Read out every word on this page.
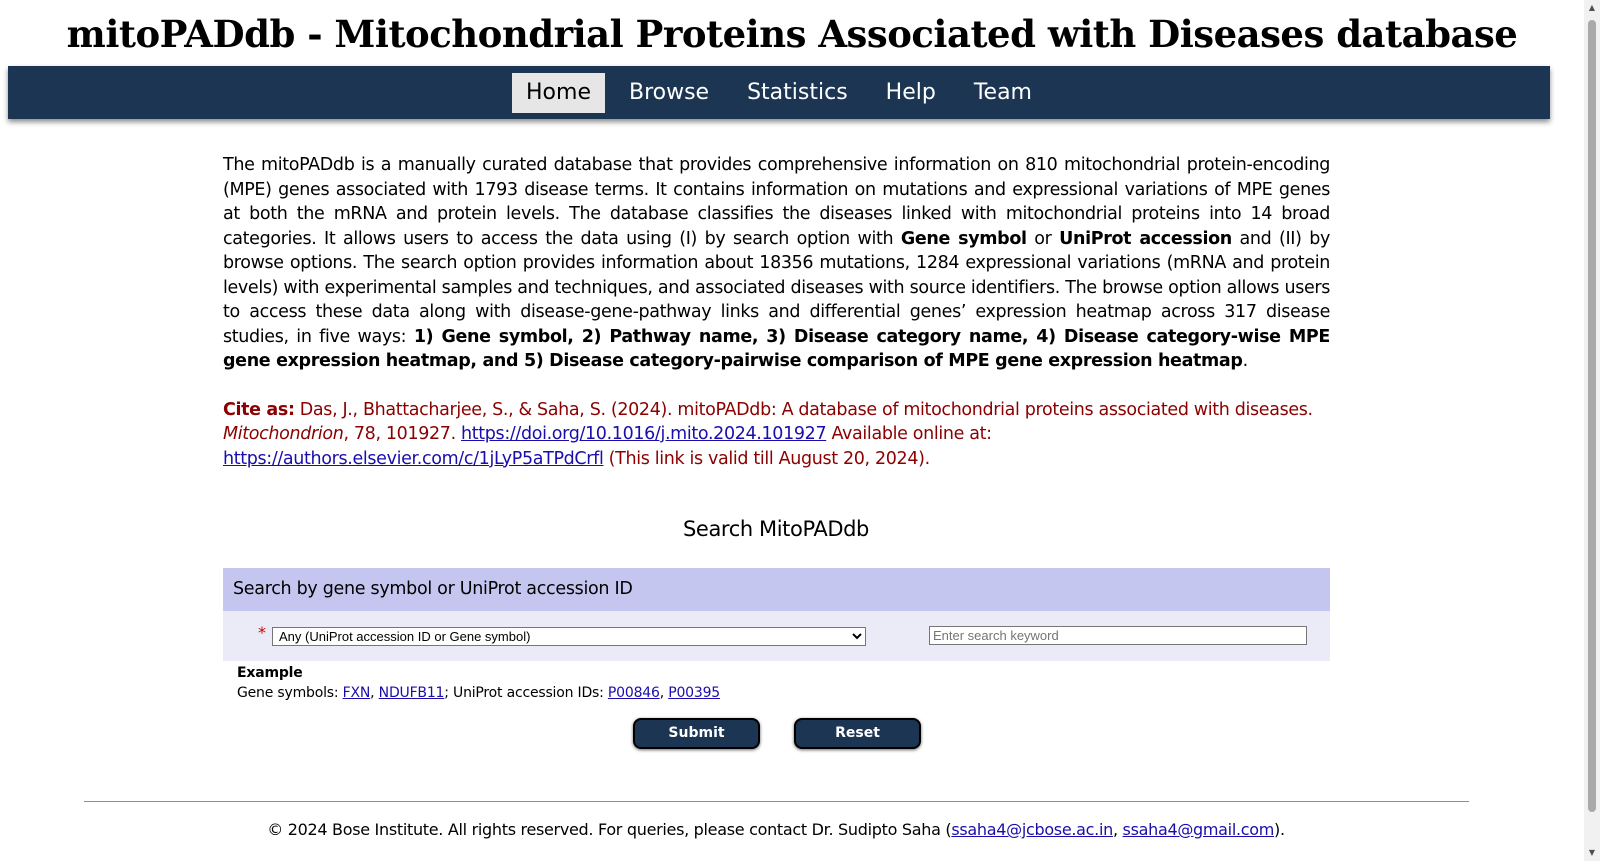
mitoPADdb - Mitochondrial Proteins Associated with Diseases database
Home	Browse	Statistics	Help	Team

The mitoPADdb is a manually curated database that provides comprehensive information on 810 mitochondrial protein-encoding (MPE) genes associated with 1793 disease terms. It contains information on mutations and expressional variations of MPE genes at both the mRNA and protein levels. The database classifies the diseases linked with mitochondrial proteins into 14 broad categories. It allows users to access the data using (I) by search option with Gene symbol or UniProt accession and (II) by browse options. The search option provides information about 18356 mutations, 1284 expressional variations (mRNA and protein levels) with experimental samples and techniques, and associated diseases with source identifiers. The browse option allows users to access these data along with disease-gene-pathway links and differential genes’ expression heatmap across 317 disease studies, in five ways: 1) Gene symbol, 2) Pathway name, 3) Disease category name, 4) Disease category-wise MPE gene expression heatmap, and 5) Disease category-pairwise comparison of MPE gene expression heatmap.

Cite as: Das, J., Bhattacharjee, S., & Saha, S. (2024). mitoPADdb: A database of mitochondrial proteins associated with diseases. Mitochondrion, 78, 101927. https://doi.org/10.1016/j.mito.2024.101927 Available online at:
https://authors.elsevier.com/c/1jLyP5aTPdCrfl (This link is valid till August 20, 2024).
Search MitoPADdb
Search by gene symbol or UniProt accession ID
*
Any (UniProt accession ID or Gene symbol)
Enter search keyword
Example
Gene symbols: FXN, NDUFB11; UniProt accession IDs: P00846, P00395
Submit	Reset
© 2024 Bose Institute. All rights reserved. For queries, please contact Dr. Sudipto Saha (ssaha4@jcbose.ac.in, ssaha4@gmail.com).
▲
▼
